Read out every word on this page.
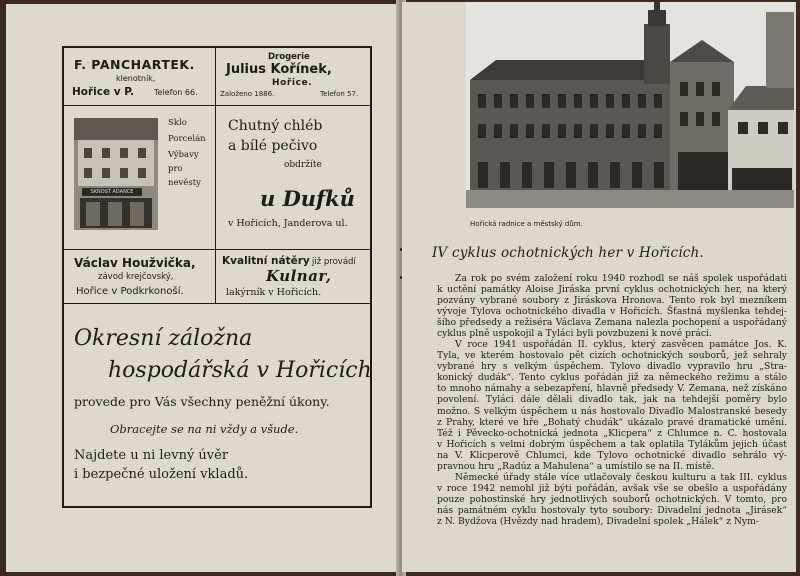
F. PANCHARTEK.
klenotník,
Hořice v P. Telefon 66.
Drogerie
Julius Kořínek,
Hořice.
Založeno 1886.	Telefon 57.
SKNOST ADANCE
Sklo
Porcelán
Výbavy
pro
nevěsty
Chutný chléb
a bílé pečivo
obdržíte
u Dufků
v Hořicích, Janderova ul.
Václav Houžvička,
závod krejčovský,
Hořice v Podkrkonoší.
Kvalitní nátěry již provádí
Kulnar,
lakýrník v Hořicích.
Okresní záložna
hospodářská v Hořicích
provede pro Vás všechny peněžní úkony.
Obracejte se na ni vždy a všude.
Najdete u ni levný úvěr
i bezpečné uložení vkladů.
Hořická radnice a městský dům.
IV cyklus ochotnických her v Hořicích.
Za rok po svém založení roku 1940 rozhodl se náš spolek uspořádati
k uctění památky Aloise Jiráska první cyklus ochotnických her, na který
pozvány vybrané soubory z Jiráskova Hronova. Tento rok byl mezníkem
vývoje Tylova ochotnického divadla v Hořicích. Šťastná myšlenka tehdej-
šího předsedy a režiséra Václava Zemana nalezla pochopení a uspořádaný
cyklus plně uspokojil a Tyláci byli povzbuzeni k nové práci.
V roce 1941 uspořádán II. cyklus, který zasvěcen památce Jos. K.
Tyla, ve kterém hostovalo pět cizích ochotnických souborů, jež sehraly
vybrané hry s velkým úspěchem. Tylovo divadlo vypravilo hru „Stra-
konický dudák“. Tento cyklus pořádán již za německého režimu a stálo
to mnoho námahy a sebezapření, hlavně předsedy V. Zemana, než získáno
povolení. Tyláci dále dělali divadlo tak, jak na tehdejší poměry bylo
možno. S velkým úspěchem u nás hostovalo Divadlo Malostranské besedy
z Prahy, které ve hře „Bohatý chudák“ ukázalo pravé dramatické umění.
Též i Pěvecko-ochotnická jednota „Klicpera“ z Chlumce n. C. hostovala
v Hořicích s velmi dobrým úspěchem a tak oplatila Tylákům jejich účast
na V. Klicperově Chlumci, kde Tylovo ochotnické divadlo sehrálo vý-
pravnou hru „Radúz a Mahulena“ a umístilo se na II. místě.
Německé úřady stále více utlačovaly českou kulturu a tak III. cyklus
v roce 1942 nemohl již býti pořádán, avšak vše se obešlo a uspořádány
pouze pohostinské hry jednotlivých souborů ochotnických. V tomto, pro
nás památném cyklu hostovaly tyto soubory: Divadelní jednota „Jirásek“
z N. Bydžova (Hvězdy nad hradem), Divadelní spolek „Hálek“ z Nym-
